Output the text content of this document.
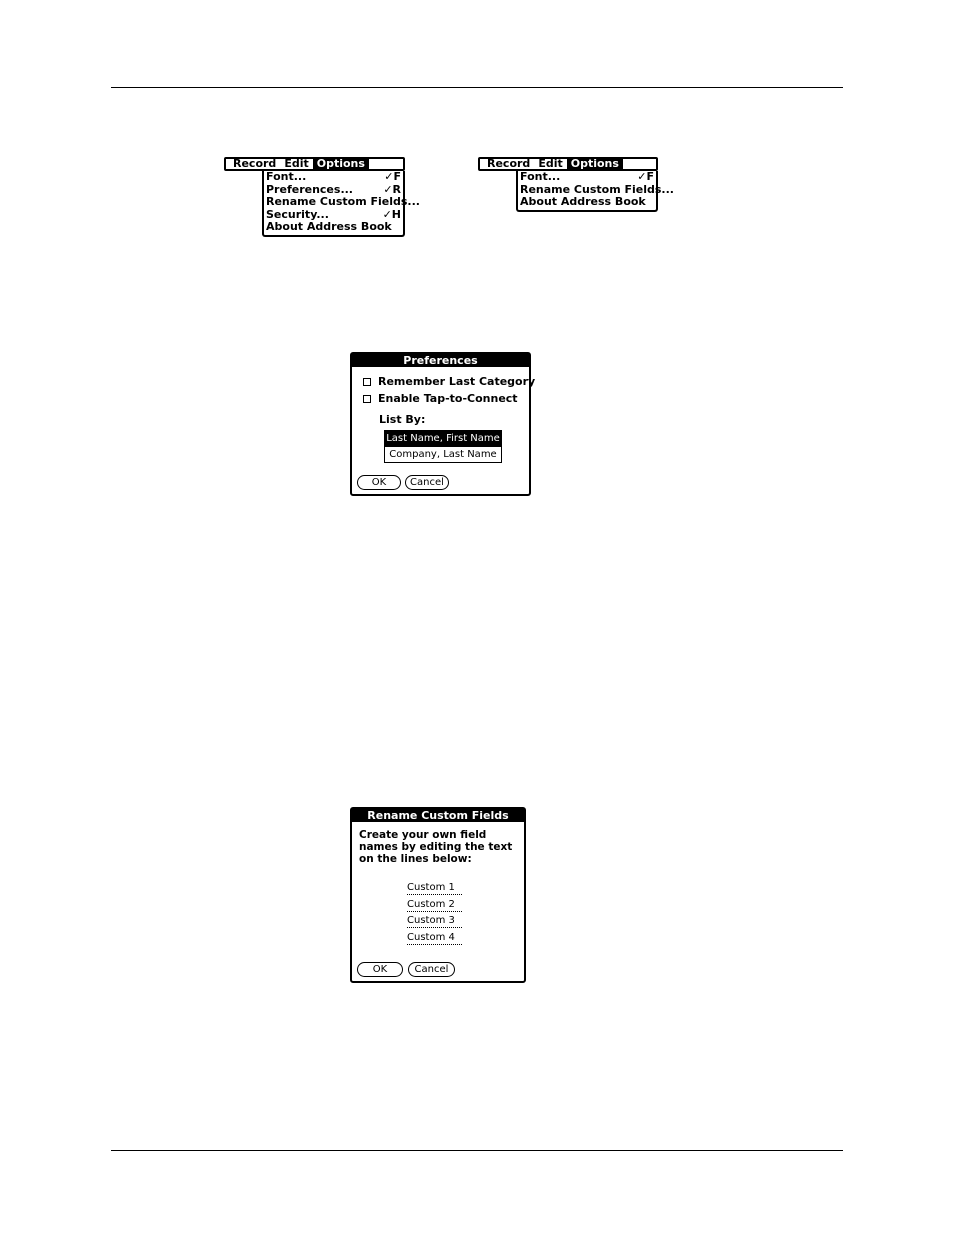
Record Edit Options
Font...	✓F
Preferences...	✓R
Rename Custom Fields...
Security...	✓H
About Address Book
Record Edit Options
Font...	✓F
Rename Custom Fields...
About Address Book
Preferences
Remember Last Category
Enable Tap-to-Connect
List By:
Last Name, First Name
Company, Last Name
OK	Cancel
Rename Custom Fields
Create your own field names by editing the text on the lines below:
Custom 1
Custom 2
Custom 3
Custom 4
OK	Cancel
